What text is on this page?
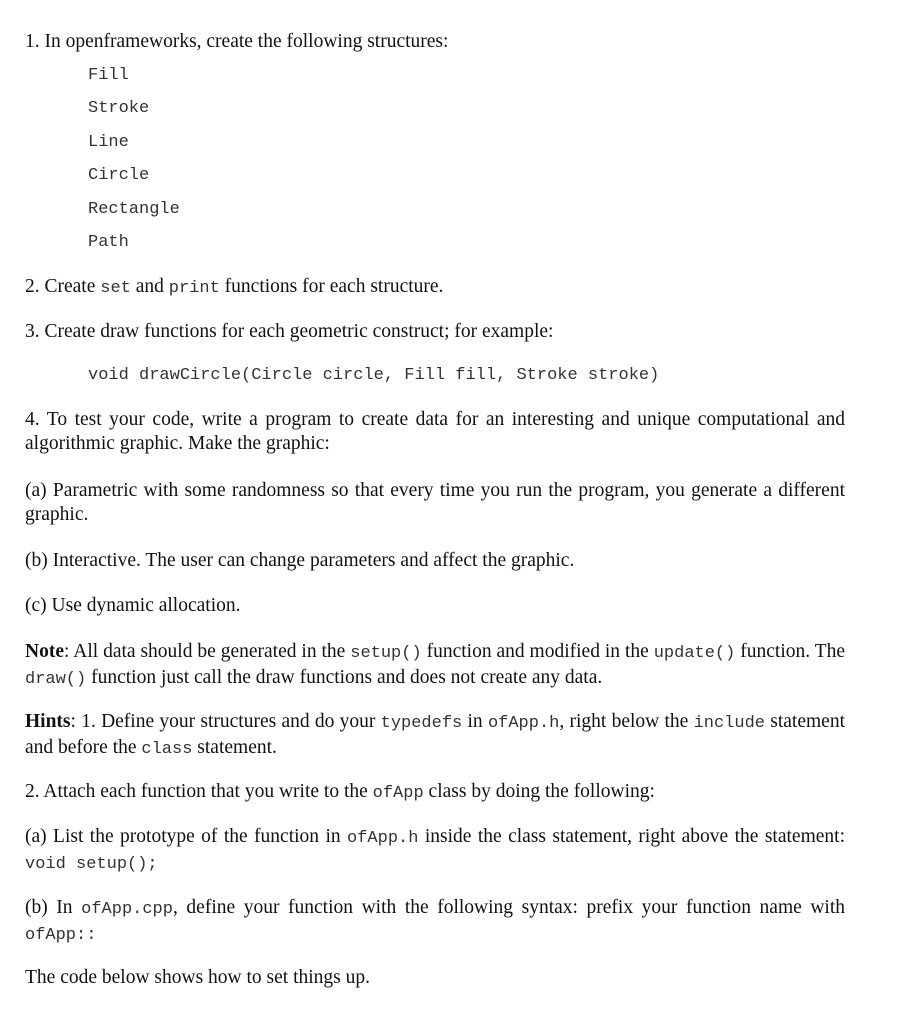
1. In openframeworks, create the following structures:

Fill

Stroke

Line

Circle

Rectangle

Path

2. Create set and print functions for each structure.

3. Create draw functions for each geometric construct; for example:

void drawCircle(Circle circle, Fill fill, Stroke stroke)

4. To test your code, write a program to create data for an interesting and unique computational and algorithmic graphic. Make the graphic:

(a) Parametric with some randomness so that every time you run the program, you generate a different graphic.

(b) Interactive. The user can change parameters and affect the graphic.

(c) Use dynamic allocation.

Note: All data should be generated in the setup() function and modified in the update() function. The draw() function just call the draw functions and does not create any data.

Hints: 1. Define your structures and do your typedefs in ofApp.h, right below the include statement and before the class statement.

2. Attach each function that you write to the ofApp class by doing the following:

(a) List the prototype of the function in ofApp.h inside the class statement, right above the statement: void setup();

(b) In ofApp.cpp, define your function with the following syntax: prefix your function name with ofApp::

The code below shows how to set things up.
